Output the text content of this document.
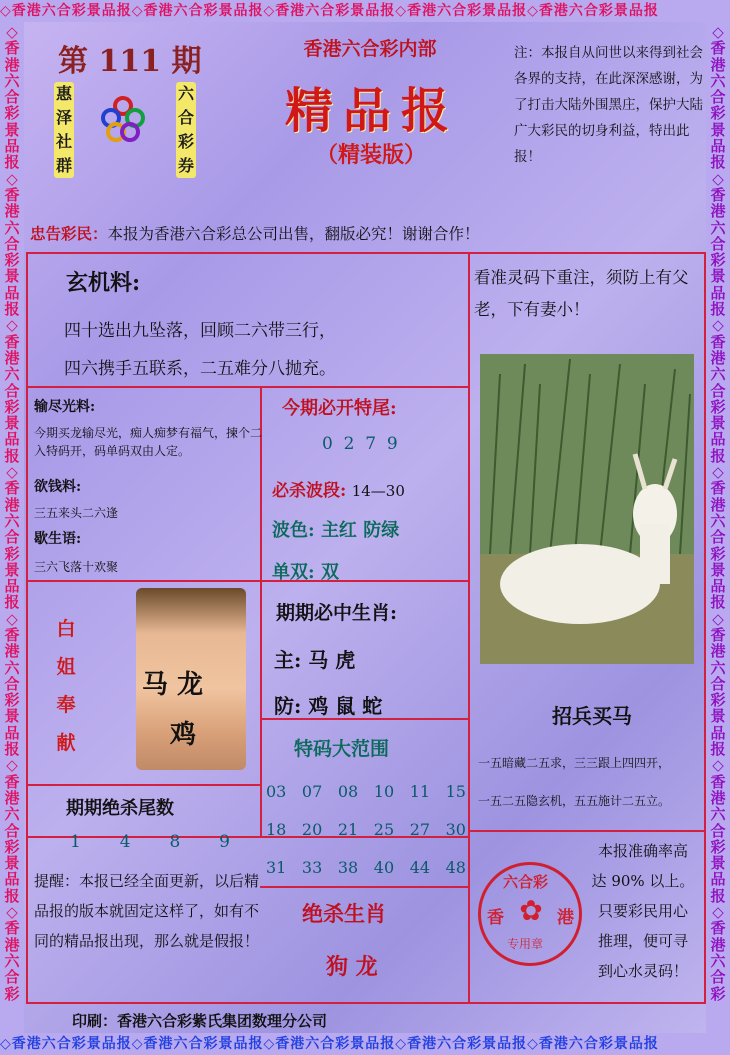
◇香港六合彩景品报◇香港六合彩景品报◇香港六合彩景品报◇香港六合彩景品报◇香港六合彩景品报
◇香港六合彩景品报◇香港六合彩景品报◇香港六合彩景品报◇香港六合彩景品报◇香港六合彩景品报
◇香港六合彩景品报◇香港六合彩景品报◇香港六合彩景品报◇香港六合彩景品报◇香港六合彩景品报◇香港六合彩景品报◇香港六合彩
◇香港六合彩景品报◇香港六合彩景品报◇香港六合彩景品报◇香港六合彩景品报◇香港六合彩景品报◇香港六合彩景品报◇香港六合彩
第 111 期
惠
泽
社
群
六
合
彩
券
香港六合彩内部
精品报
（精装版）
注：本报自从问世以来得到社会各界的支持，在此深深感谢，为了打击大陆外围黑庄，保护大陆广大彩民的切身利益，特出此报！
忠告彩民：本报为香港六合彩总公司出售，翻版必究！谢谢合作！
玄机料:
四十选出九坠落，回顾二六带三行，
四六携手五联系，二五难分八抛充。
看准灵码下重注，须防上有父老，下有妻小！
输尽光料:
今期买龙输尽光，痴人痴梦有福气，揀个二入特码开，码单码双由人定。
欲钱料:
三五来头二六逢
歇生语:
三六飞落十欢聚
今期必开特尾:
0  2  7  9
必杀波段: 14—30
波色: 主红 防绿
单双: 双
白
姐
奉
献
马 龙
鸡
期期必中生肖:
主: 马 虎
防: 鸡 鼠 蛇	招兵买马
一五暗藏二五求，三三跟上四四开，
一五二五隐玄机，五五施计二五立。
特码大范围
03 07 08 10 11 15
18 20 21 25 27 30
31 33 38 40 44 48
期期绝杀尾数
1 4 8 9
提醒：本报已经全面更新，以后精品报的版本就固定这样了，如有不同的精品报出现，那么就是假报！
绝杀生肖
狗 龙
本报准确率高
达 90% 以上。
只要彩民用心
推理，便可寻
到心水灵码！
六合彩
香	港
✿
专用章
印刷：香港六合彩紫氏集团数理分公司
